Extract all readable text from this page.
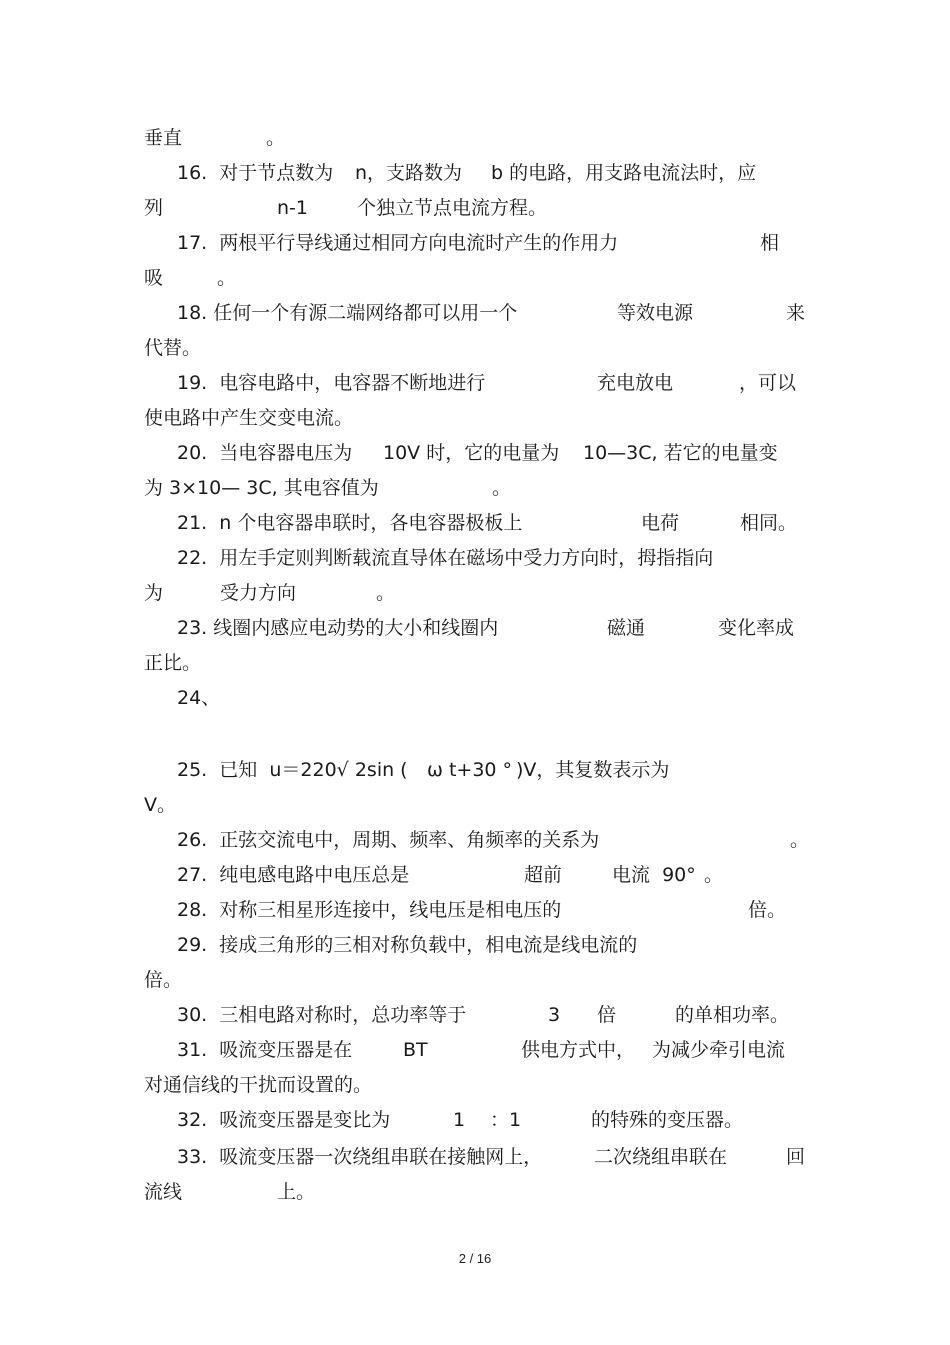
垂直	。
16.  对于节点数为 n，支路数为 b 的电路，用支路电流法时，应
列	n-1	个独立节点电流方程。
17.  两根平行导线通过相同方向电流时产生的作用力	相
吸	。
18. 任何一个有源二端网络都可以用一个	等效电源	来
代替。
19.  电容电路中，电容器不断地进行	充电放电	，可以
使电路中产生交变电流。
20.  当电容器电压为 10V 时，它的电量为 10—3C, 若它的电量变
为 3×10— 3C, 其电容值为	。
21.  n 个电容器串联时，各电容器极板上	电荷	相同。
22.  用左手定则判断载流直导体在磁场中受力方向时，拇指指向
为	受力方向	。
23. 线圈内感应电动势的大小和线圈内	磁通	变化率成
正比。
24、
25.  已知  u＝220√ 2sin ( ω t+30 ° )V，其复数表示为
V。
26.  正弦交流电中，周期、频率、角频率的关系为	。
27.  纯电感电路中电压总是	超前	电流  90° 。
28.  对称三相星形连接中，线电压是相电压的	倍。
29.  接成三角形的三相对称负载中，相电流是线电流的
倍。
30.  三相电路对称时，总功率等于	3 倍	的单相功率。
31.  吸流变压器是在	BT	供电方式中， 为减少牵引电流
对通信线的干扰而设置的。
32.  吸流变压器是变比为	1 ：1	的特殊的变压器。
33.  吸流变压器一次绕组串联在接触网上，	二次绕组串联在	回
流线	上。
2 / 16
